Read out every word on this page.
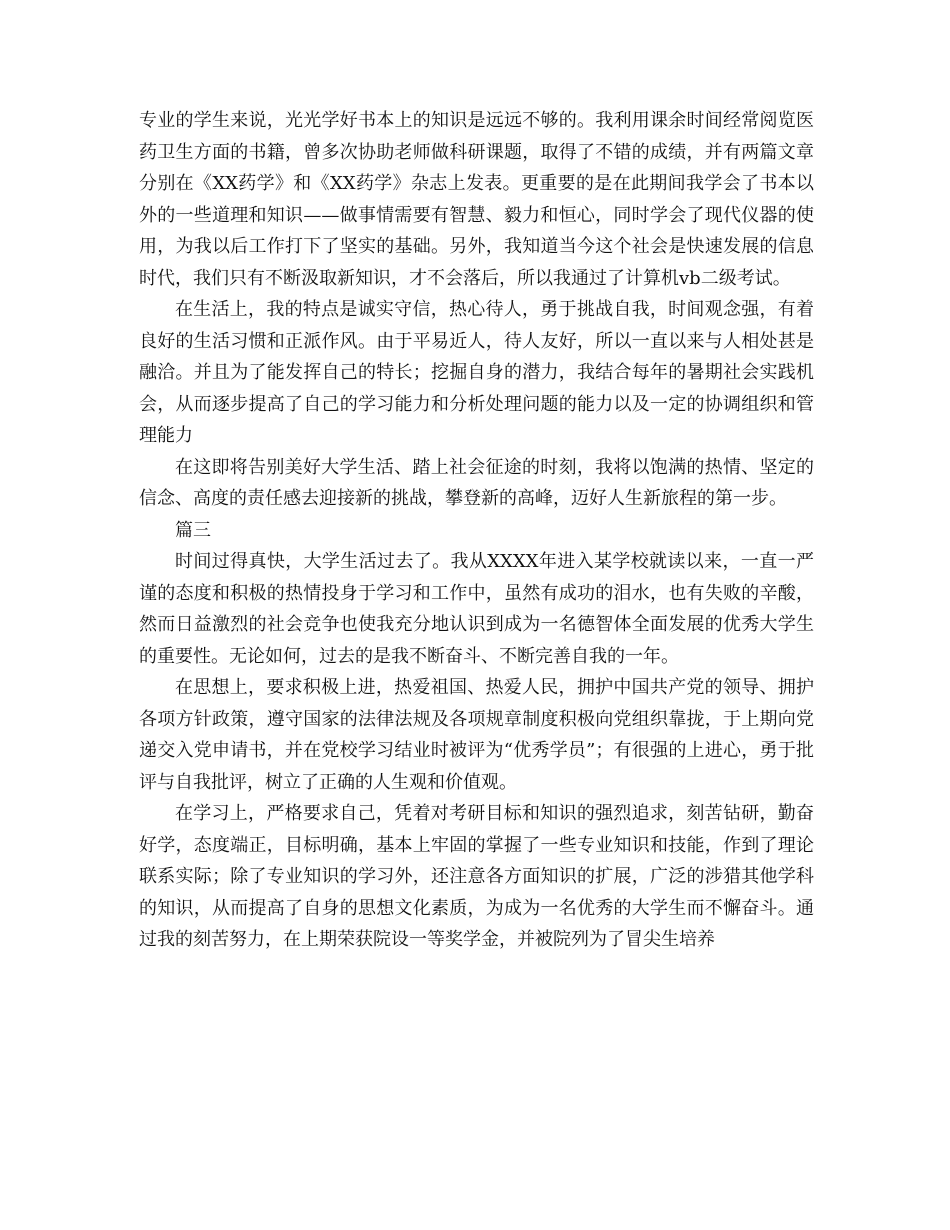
专业的学生来说，光光学好书本上的知识是远远不够的。我利用课余时间经常阅览医药卫生方面的书籍，曾多次协助老师做科研课题，取得了不错的成绩，并有两篇文章分别在《XX药学》和《XX药学》杂志上发表。更重要的是在此期间我学会了书本以外的一些道理和知识——做事情需要有智慧、毅力和恒心，同时学会了现代仪器的使用，为我以后工作打下了坚实的基础。另外，我知道当今这个社会是快速发展的信息时代，我们只有不断汲取新知识，才不会落后，所以我通过了计算机vb二级考试。

在生活上，我的特点是诚实守信，热心待人，勇于挑战自我，时间观念强，有着良好的生活习惯和正派作风。由于平易近人，待人友好，所以一直以来与人相处甚是融洽。并且为了能发挥自己的特长；挖掘自身的潜力，我结合每年的暑期社会实践机会，从而逐步提高了自己的学习能力和分析处理问题的能力以及一定的协调组织和管理能力

在这即将告别美好大学生活、踏上社会征途的时刻，我将以饱满的热情、坚定的信念、高度的责任感去迎接新的挑战，攀登新的高峰，迈好人生新旅程的第一步。

篇三

时间过得真快，大学生活过去了。我从XXXX年进入某学校就读以来，一直一严谨的态度和积极的热情投身于学习和工作中，虽然有成功的泪水，也有失败的辛酸，然而日益激烈的社会竞争也使我充分地认识到成为一名德智体全面发展的优秀大学生的重要性。无论如何，过去的是我不断奋斗、不断完善自我的一年。

在思想上，要求积极上进，热爱祖国、热爱人民，拥护中国共产党的领导、拥护各项方针政策，遵守国家的法律法规及各项规章制度积极向党组织靠拢，于上期向党递交入党申请书，并在党校学习结业时被评为“优秀学员”；有很强的上进心，勇于批评与自我批评，树立了正确的人生观和价值观。

在学习上，严格要求自己，凭着对考研目标和知识的强烈追求，刻苦钻研，勤奋好学，态度端正，目标明确，基本上牢固的掌握了一些专业知识和技能，作到了理论联系实际；除了专业知识的学习外，还注意各方面知识的扩展，广泛的涉猎其他学科的知识，从而提高了自身的思想文化素质，为成为一名优秀的大学生而不懈奋斗。通过我的刻苦努力，在上期荣获院设一等奖学金，并被院列为了冒尖生培养
